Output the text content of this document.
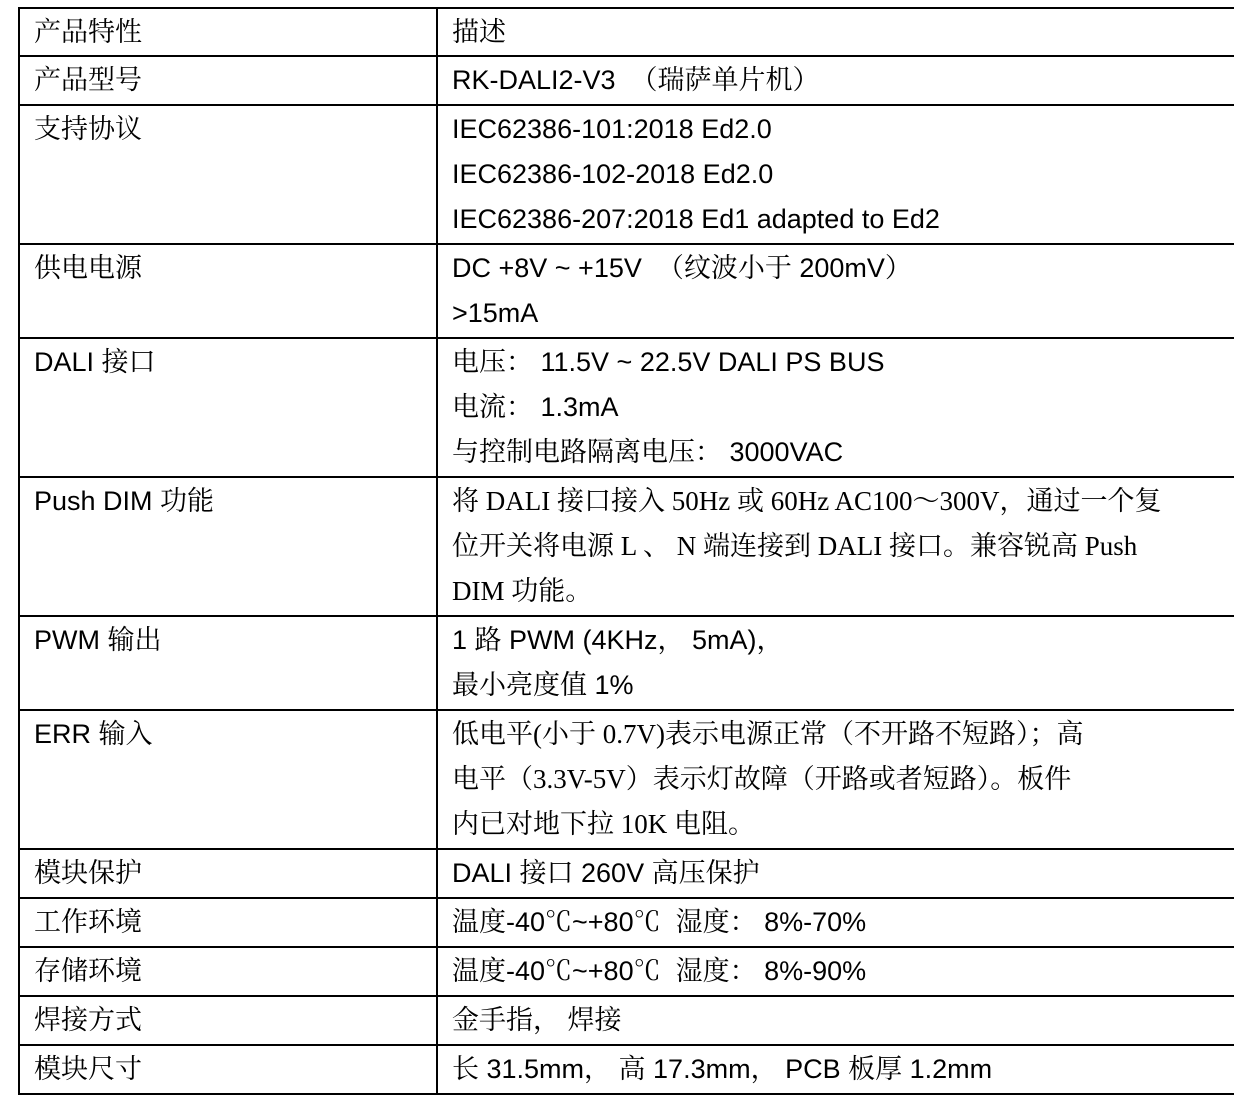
产品特性	描述

产品型号	RK-DALI2-V3  （瑞萨单片机）

支持协议	IEC62386-101:2018 Ed2.0
IEC62386-102-2018 Ed2.0
IEC62386-207:2018 Ed1 adapted to Ed2

供电电源	DC +8V ~ +15V  （纹波小于 200mV）
>15mA

DALI 接口	电压： 11.5V ~ 22.5V DALI PS BUS
电流： 1.3mA
与控制电路隔离电压： 3000VAC

Push DIM 功能	将 DALI 接口接入 50Hz 或 60Hz AC100～300V，通过一个复
位开关将电源 L 、 N 端连接到 DALI 接口。兼容锐高 Push
DIM 功能。

PWM 输出	1 路 PWM (4KHz， 5mA)，
最小亮度值 1%

ERR 输入	低电平(小于 0.7V)表示电源正常（不开路不短路）；高
电平（3.3V-5V）表示灯故障（开路或者短路）。板件
内已对地下拉 10K 电阻。

模块保护	DALI 接口 260V 高压保护

工作环境	温度-40℃~+80℃  湿度： 8%-70%

存储环境	温度-40℃~+80℃  湿度： 8%-90%

焊接方式	金手指， 焊接

模块尺寸	长 31.5mm， 高 17.3mm， PCB 板厚 1.2mm
